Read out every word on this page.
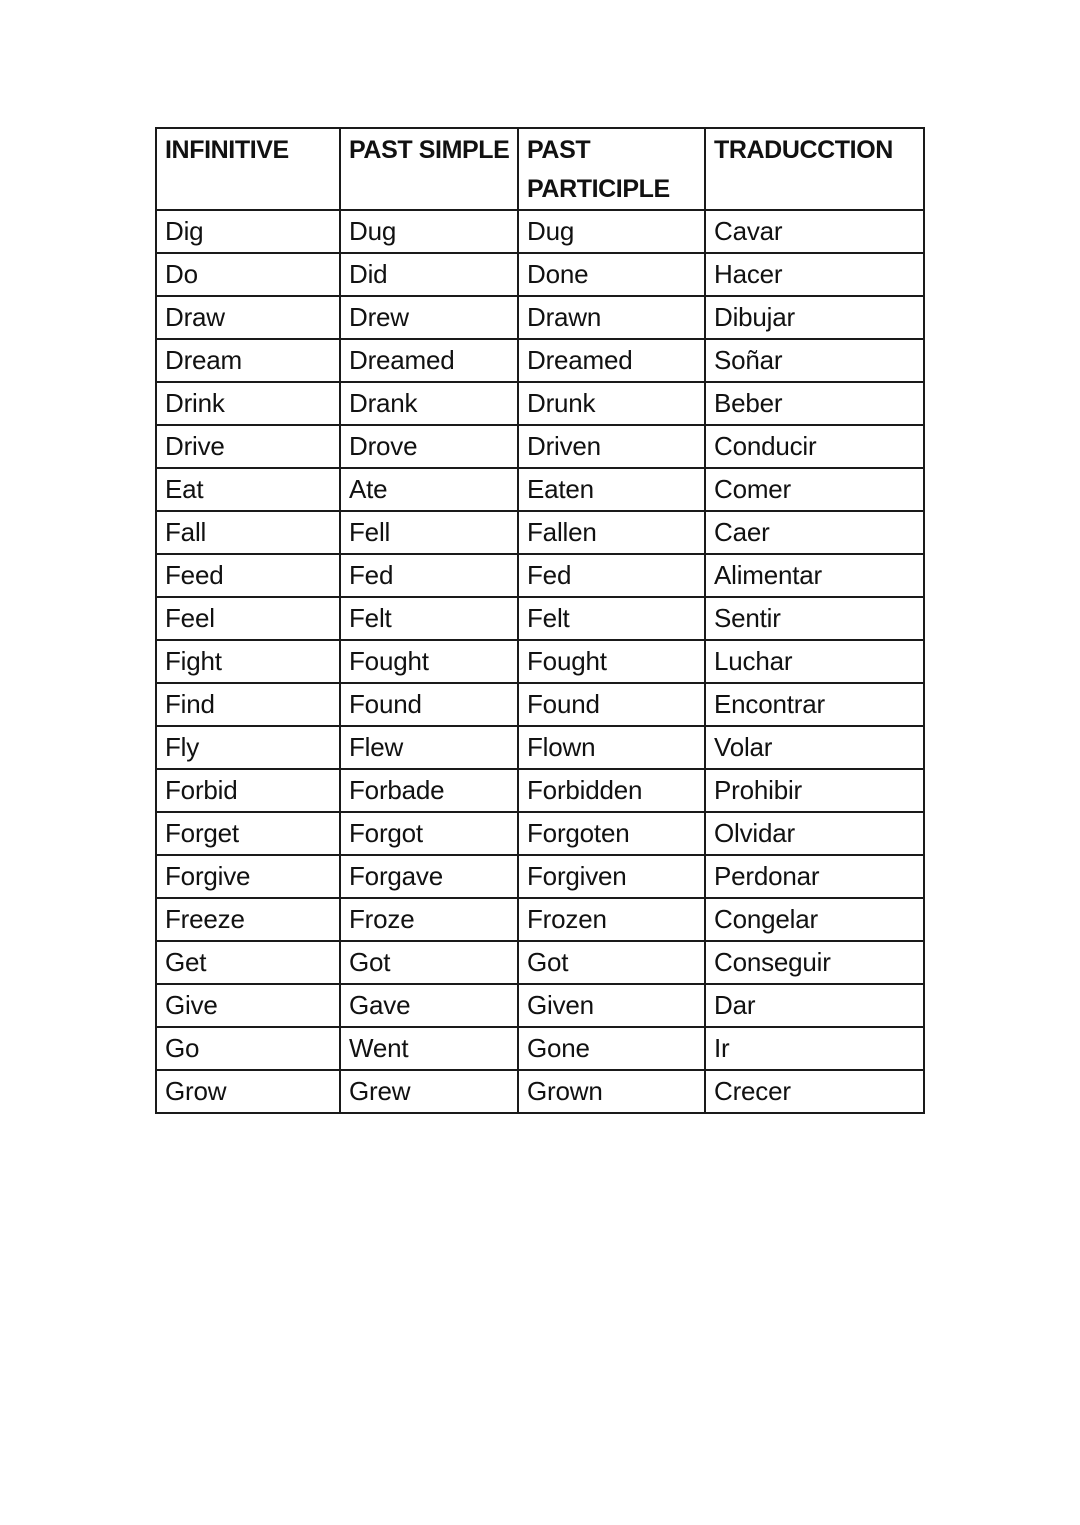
INFINITIVE	PAST SIMPLE	PAST PARTICIPLE	TRADUCCTION
Dig	Dug	Dug	Cavar
Do	Did	Done	Hacer
Draw	Drew	Drawn	Dibujar
Dream	Dreamed	Dreamed	Soñar
Drink	Drank	Drunk	Beber
Drive	Drove	Driven	Conducir
Eat	Ate	Eaten	Comer
Fall	Fell	Fallen	Caer
Feed	Fed	Fed	Alimentar
Feel	Felt	Felt	Sentir
Fight	Fought	Fought	Luchar
Find	Found	Found	Encontrar
Fly	Flew	Flown	Volar
Forbid	Forbade	Forbidden	Prohibir
Forget	Forgot	Forgoten	Olvidar
Forgive	Forgave	Forgiven	Perdonar
Freeze	Froze	Frozen	Congelar
Get	Got	Got	Conseguir
Give	Gave	Given	Dar
Go	Went	Gone	Ir
Grow	Grew	Grown	Crecer
